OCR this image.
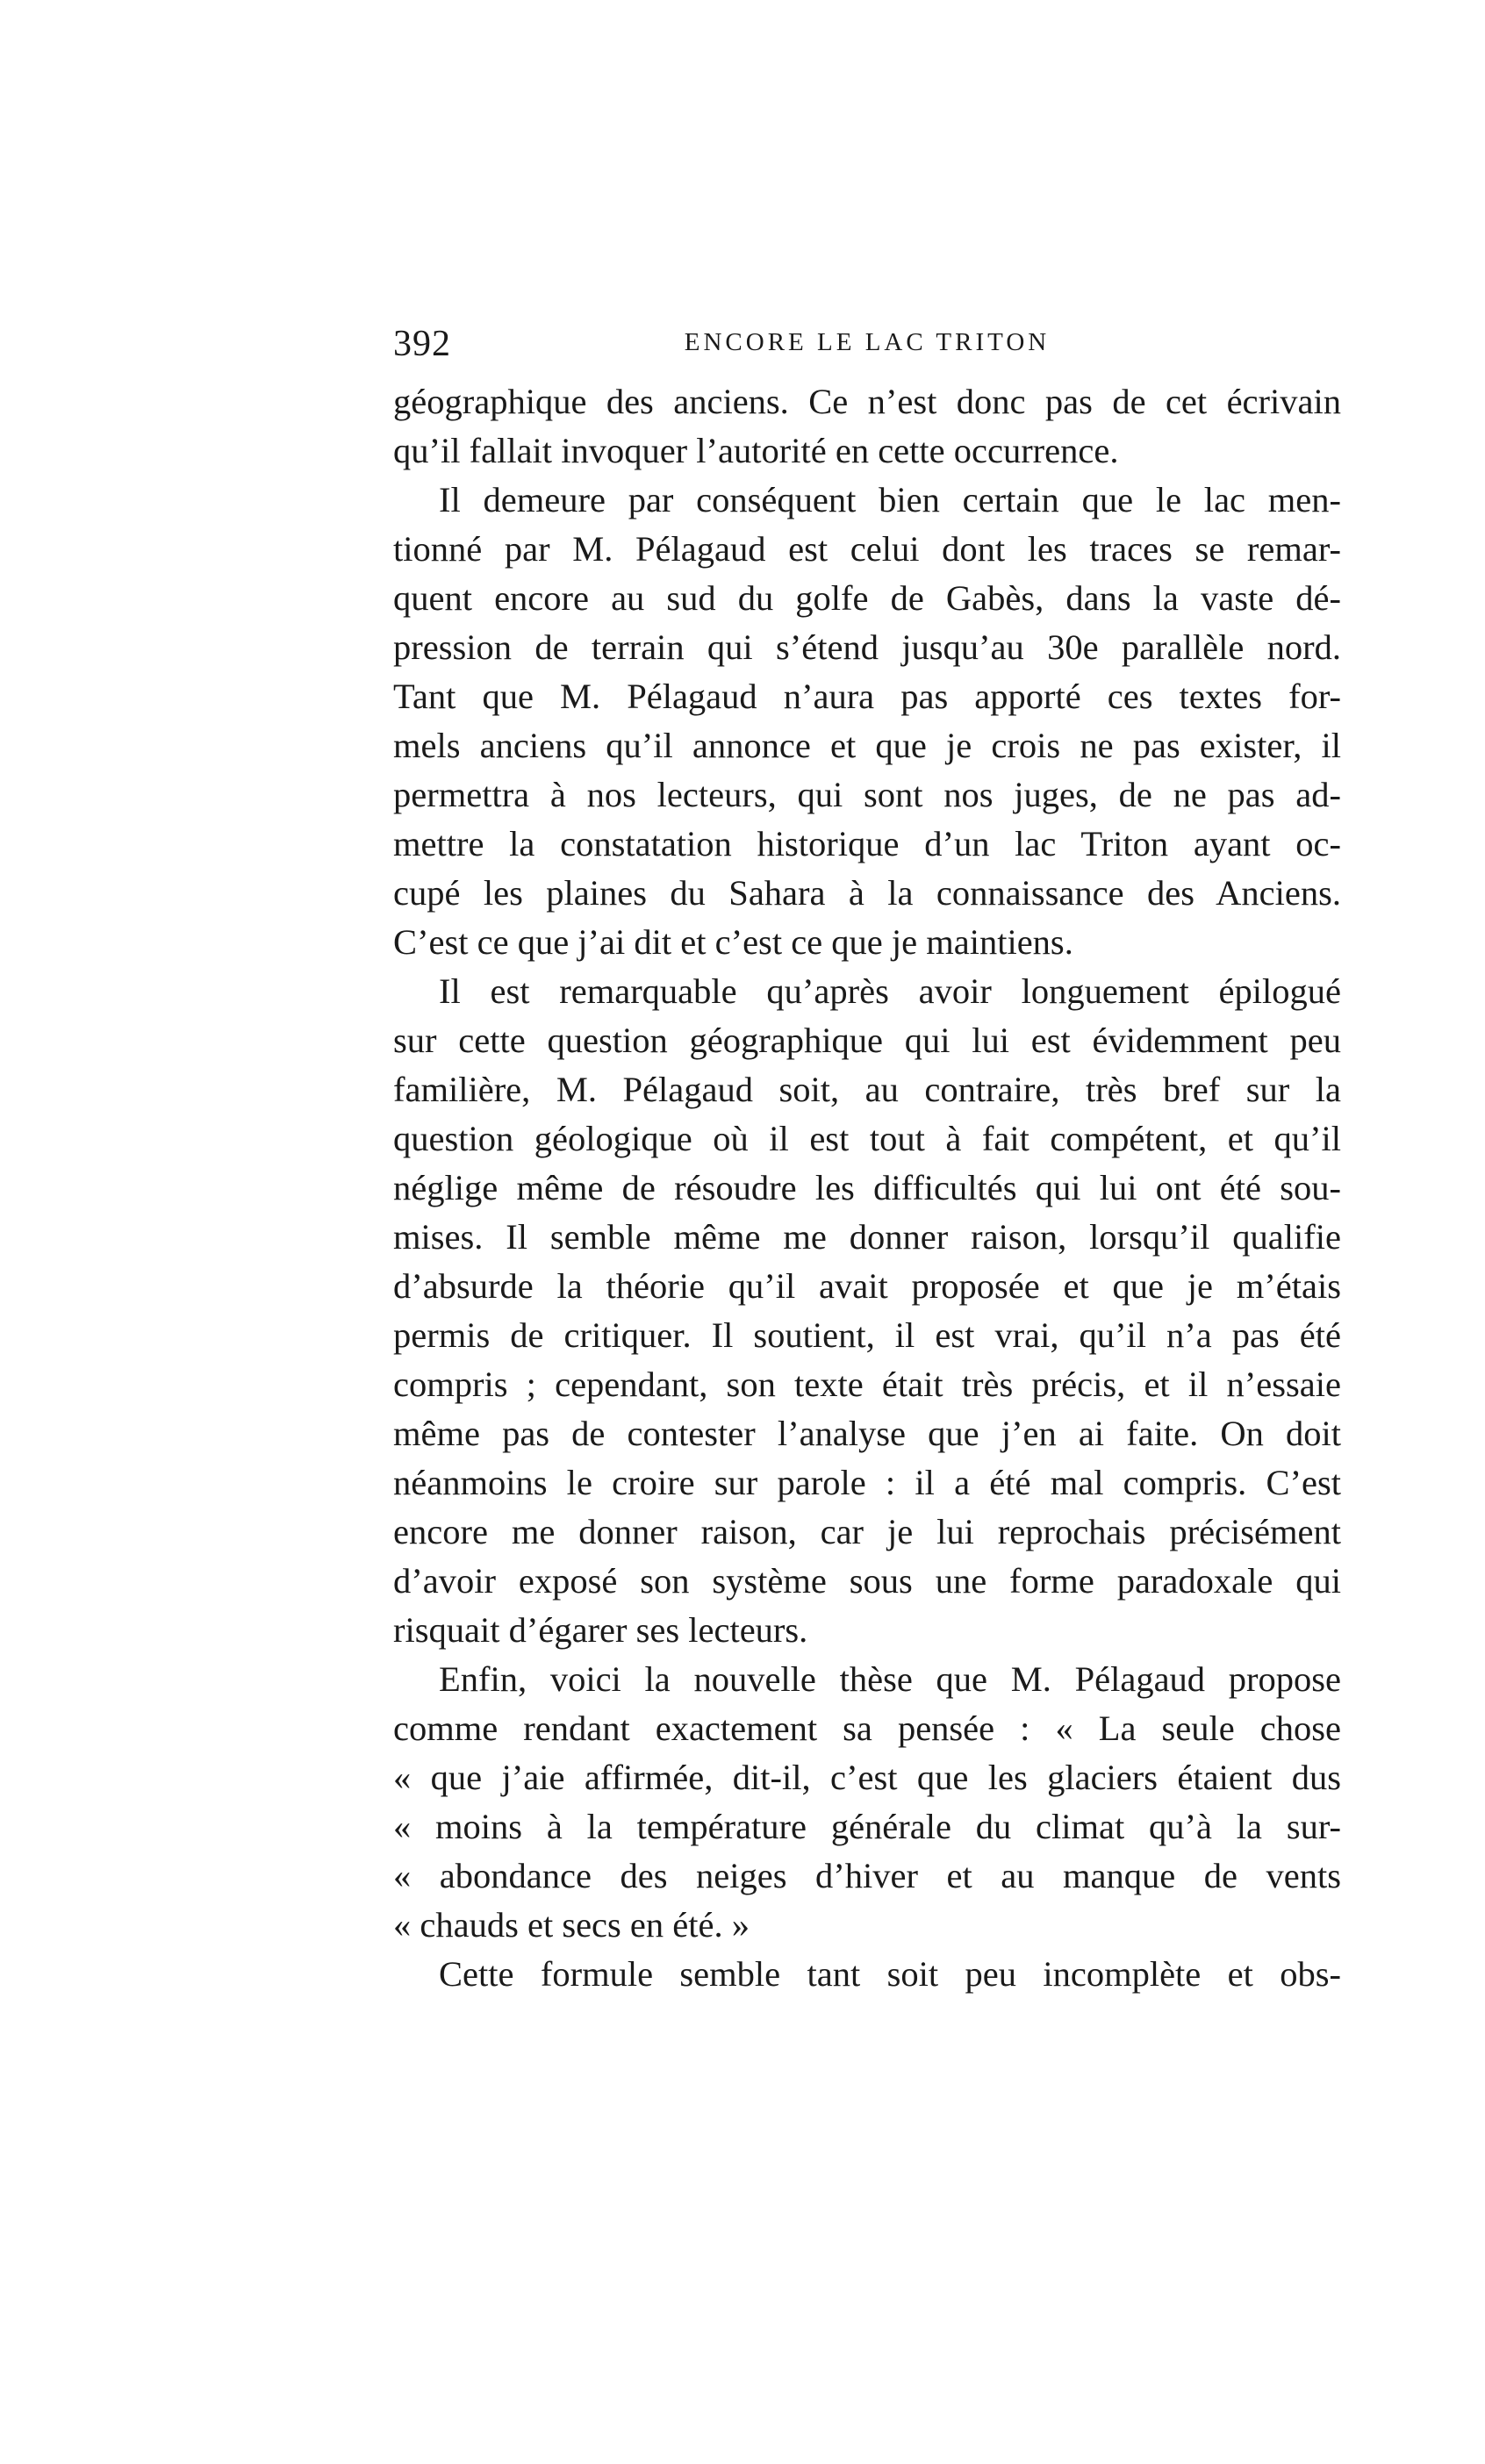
392	ENCORE LE LAC TRITON
géographique des anciens. Ce n’est donc pas de cet écrivain
qu’il fallait invoquer l’autorité en cette occurrence.
Il demeure par conséquent bien certain que le lac men-
tionné par M. Pélagaud est celui dont les traces se remar-
quent encore au sud du golfe de Gabès, dans la vaste dé-
pression de terrain qui s’étend jusqu’au 30e parallèle nord.
Tant que M. Pélagaud n’aura pas apporté ces textes for-
mels anciens qu’il annonce et que je crois ne pas exister, il
permettra à nos lecteurs, qui sont nos juges, de ne pas ad-
mettre la constatation historique d’un lac Triton ayant oc-
cupé les plaines du Sahara à la connaissance des Anciens.
C’est ce que j’ai dit et c’est ce que je maintiens.
Il est remarquable qu’après avoir longuement épilogué
sur cette question géographique qui lui est évidemment peu
familière, M. Pélagaud soit, au contraire, très bref sur la
question géologique où il est tout à fait compétent, et qu’il
néglige même de résoudre les difficultés qui lui ont été sou-
mises. Il semble même me donner raison, lorsqu’il qualifie
d’absurde la théorie qu’il avait proposée et que je m’étais
permis de critiquer. Il soutient, il est vrai, qu’il n’a pas été
compris ; cependant, son texte était très précis, et il n’essaie
même pas de contester l’analyse que j’en ai faite. On doit
néanmoins le croire sur parole : il a été mal compris. C’est
encore me donner raison, car je lui reprochais précisément
d’avoir exposé son système sous une forme paradoxale qui
risquait d’égarer ses lecteurs.
Enfin, voici la nouvelle thèse que M. Pélagaud propose
comme rendant exactement sa pensée : « La seule chose
« que j’aie affirmée, dit-il, c’est que les glaciers étaient dus
« moins à la température générale du climat qu’à la sur-
« abondance des neiges d’hiver et au manque de vents
« chauds et secs en été. »
Cette formule semble tant soit peu incomplète et obs-
